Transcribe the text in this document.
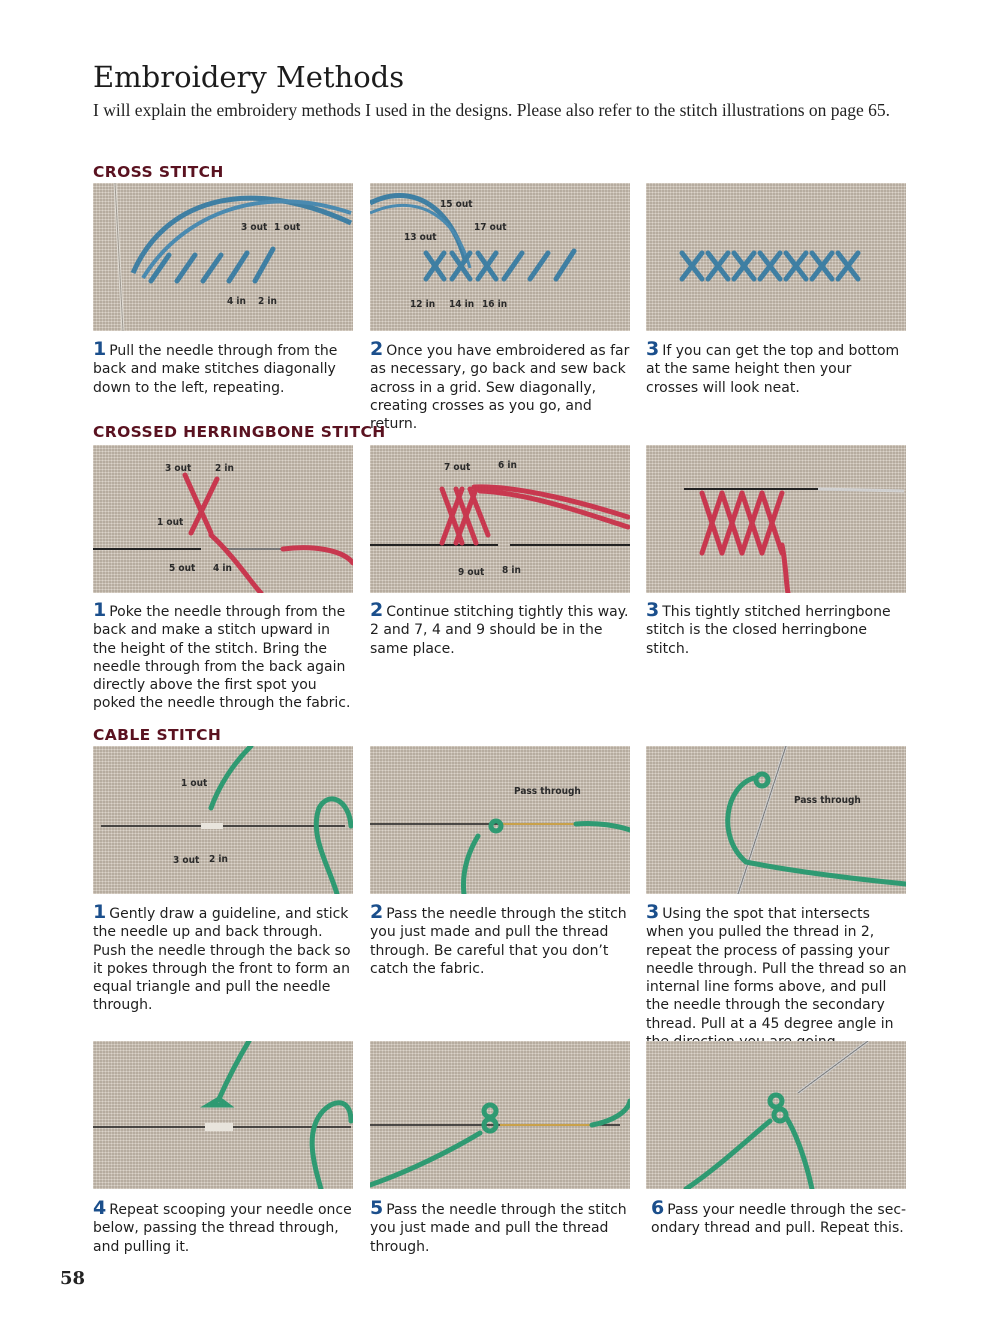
Embroidery Methods
I will explain the embroidery methods I used in the designs. Please also refer to the stitch illustrations on page 65.
CROSS STITCH
3 out 1 out
4 in 2 in
15 out
17 out
13 out
12 in 14 in 16 in
1 Pull the needle through from the back and make stitches diagonally down to the left, repeating.
2 Once you have embroidered as far as necessary, go back and sew back across in a grid. Sew diagonally, creating crosses as you go, and return.
3 If you can get the top and bottom at the same height then your crosses will look neat.
CROSSED HERRINGBONE STITCH
3 out 2 in
1 out
5 out 4 in
7 out	6 in
9 out 8 in
1 Poke the needle through from the back and make a stitch upward in the height of the stitch. Bring the needle through from the back again directly above the first spot you poked the needle through the fabric.
2 Continue stitching tightly this way. 2 and 7, 4 and 9 should be in the same place.
3 This tightly stitched herringbone stitch is the closed herringbone stitch.
CABLE STITCH
1 out
3 out 2 in
Pass through
Pass through
1 Gently draw a guideline, and stick the needle up and back through. Push the needle through the back so it pokes through the front to form an equal triangle and pull the needle through.
2 Pass the needle through the stitch you just made and pull the thread through. Be careful that you don’t catch the fabric.
3 Using the spot that intersects when you pulled the thread in 2, repeat the process of passing your needle through. Pull the thread so an internal line forms above, and pull the needle through the secondary thread. Pull at a 45 degree angle in
4 Repeat scooping your needle once below, passing the thread through, and pulling it.
5 Pass the needle through the stitch you just made and pull the thread through.
6 Pass your needle through the sec-ondary thread and pull. Repeat this.
58
